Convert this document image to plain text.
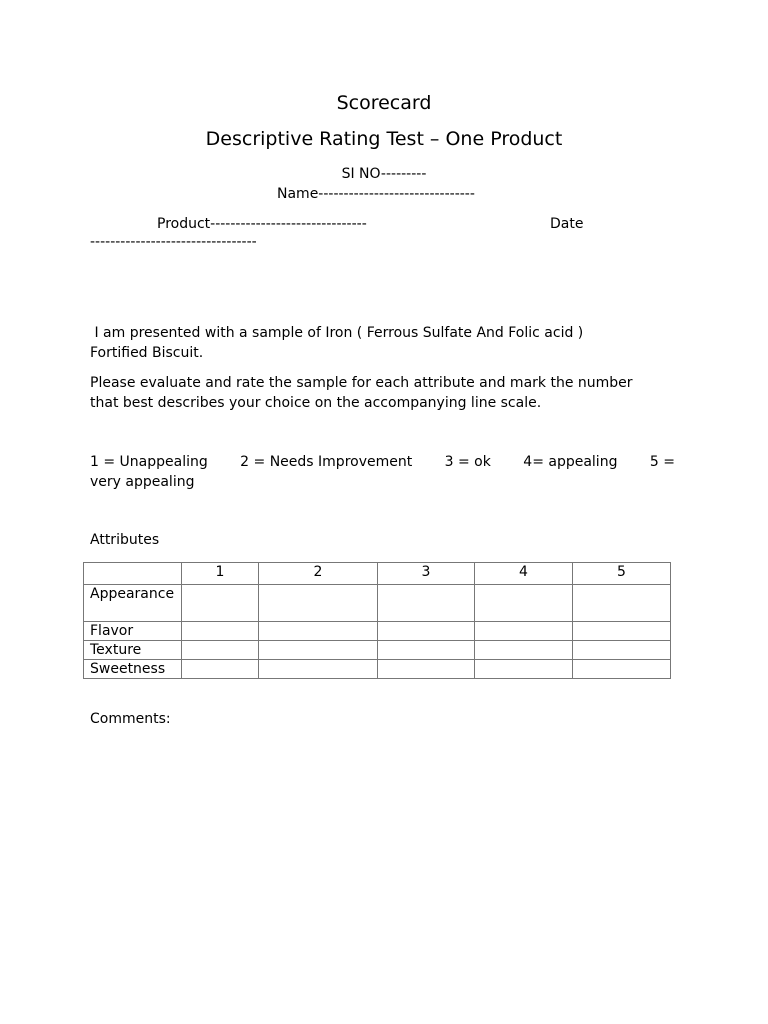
Scorecard
Descriptive Rating Test – One Product
SI NO---------
Name-------------------------------
Product-------------------------------	Date
---------------------------------
I am presented with a sample of Iron ( Ferrous Sulfate And Folic acid )
Fortified Biscuit.
Please evaluate and rate the sample for each attribute and mark the number
that best describes your choice on the accompanying line scale.
1 = Unappealing 2 = Needs Improvement 3 = ok 4= appealing 5 =
very appealing
Attributes
	1	2	3	4	5
Appearance					
Flavor					
Texture					
Sweetness					
Comments:
